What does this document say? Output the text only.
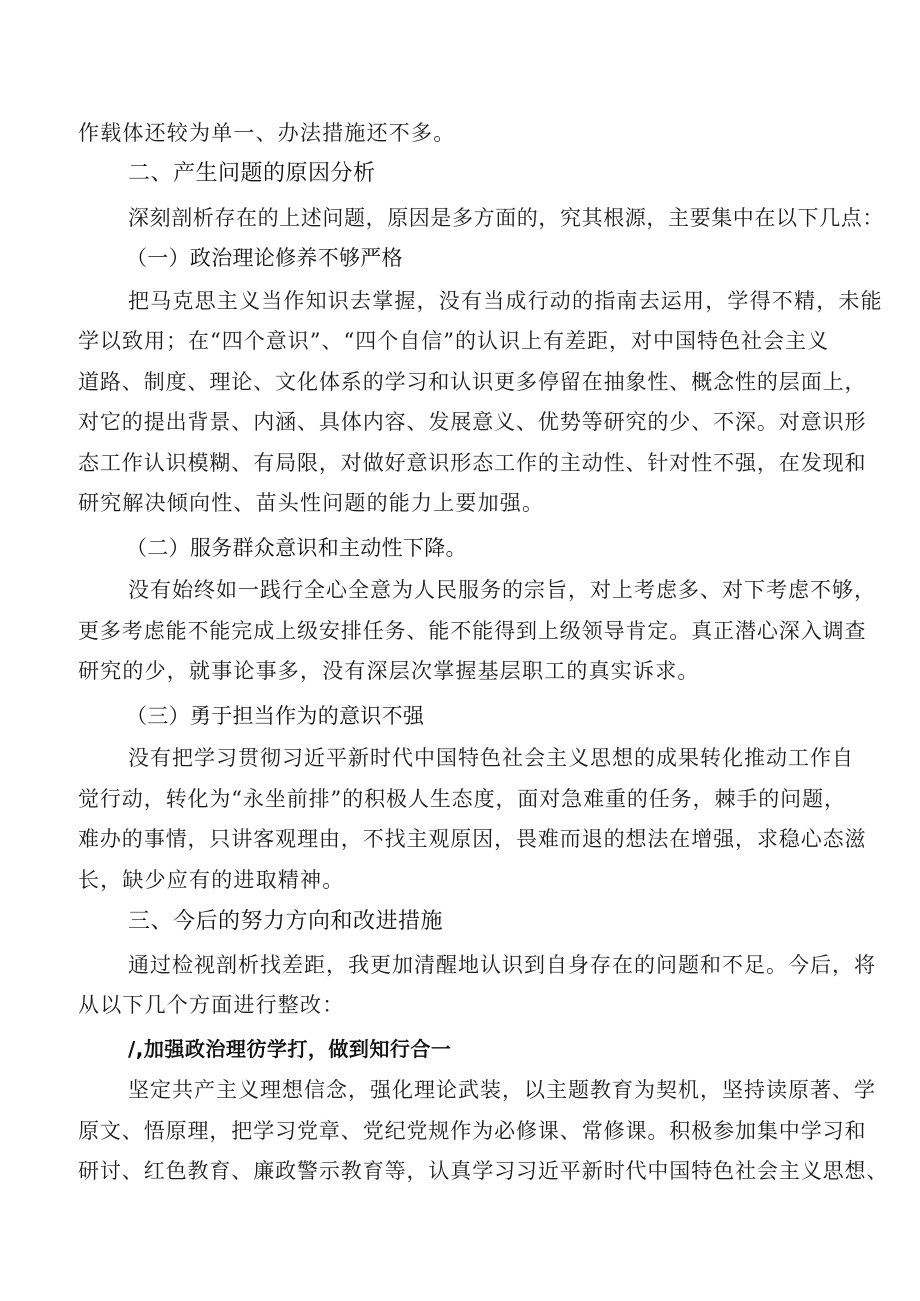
作载体还较为单一、办法措施还不多。
二、产生问题的原因分析
深刻剖析存在的上述问题，原因是多方面的，究其根源，主要集中在以下几点：
（一）政治理论修养不够严格
把马克思主义当作知识去掌握，没有当成行动的指南去运用，学得不精，未能
学以致用；在“四个意识”、“四个自信”的认识上有差距，对中国特色社会主义
道路、制度、理论、文化体系的学习和认识更多停留在抽象性、概念性的层面上，
对它的提出背景、内涵、具体内容、发展意义、优势等研究的少、不深。对意识形
态工作认识模糊、有局限，对做好意识形态工作的主动性、针对性不强，在发现和
研究解决倾向性、苗头性问题的能力上要加强。
（二）服务群众意识和主动性下降。
没有始终如一践行全心全意为人民服务的宗旨，对上考虑多、对下考虑不够，
更多考虑能不能完成上级安排任务、能不能得到上级领导肯定。真正潜心深入调查
研究的少，就事论事多，没有深层次掌握基层职工的真实诉求。
（三）勇于担当作为的意识不强
没有把学习贯彻习近平新时代中国特色社会主义思想的成果转化推动工作自
觉行动，转化为“永坐前排”的积极人生态度，面对急难重的任务，棘手的问题，
难办的事情，只讲客观理由，不找主观原因，畏难而退的想法在增强，求稳心态滋
长，缺少应有的进取精神。
三、今后的努力方向和改进措施
通过检视剖析找差距，我更加清醒地认识到自身存在的问题和不足。今后，将
从以下几个方面进行整改：
/,加强政治理彷学打，做到知行合一
坚定共产主义理想信念，强化理论武装，以主题教育为契机，坚持读原著、学
原文、悟原理，把学习党章、党纪党规作为必修课、常修课。积极参加集中学习和
研讨、红色教育、廉政警示教育等，认真学习习近平新时代中国特色社会主义思想、
